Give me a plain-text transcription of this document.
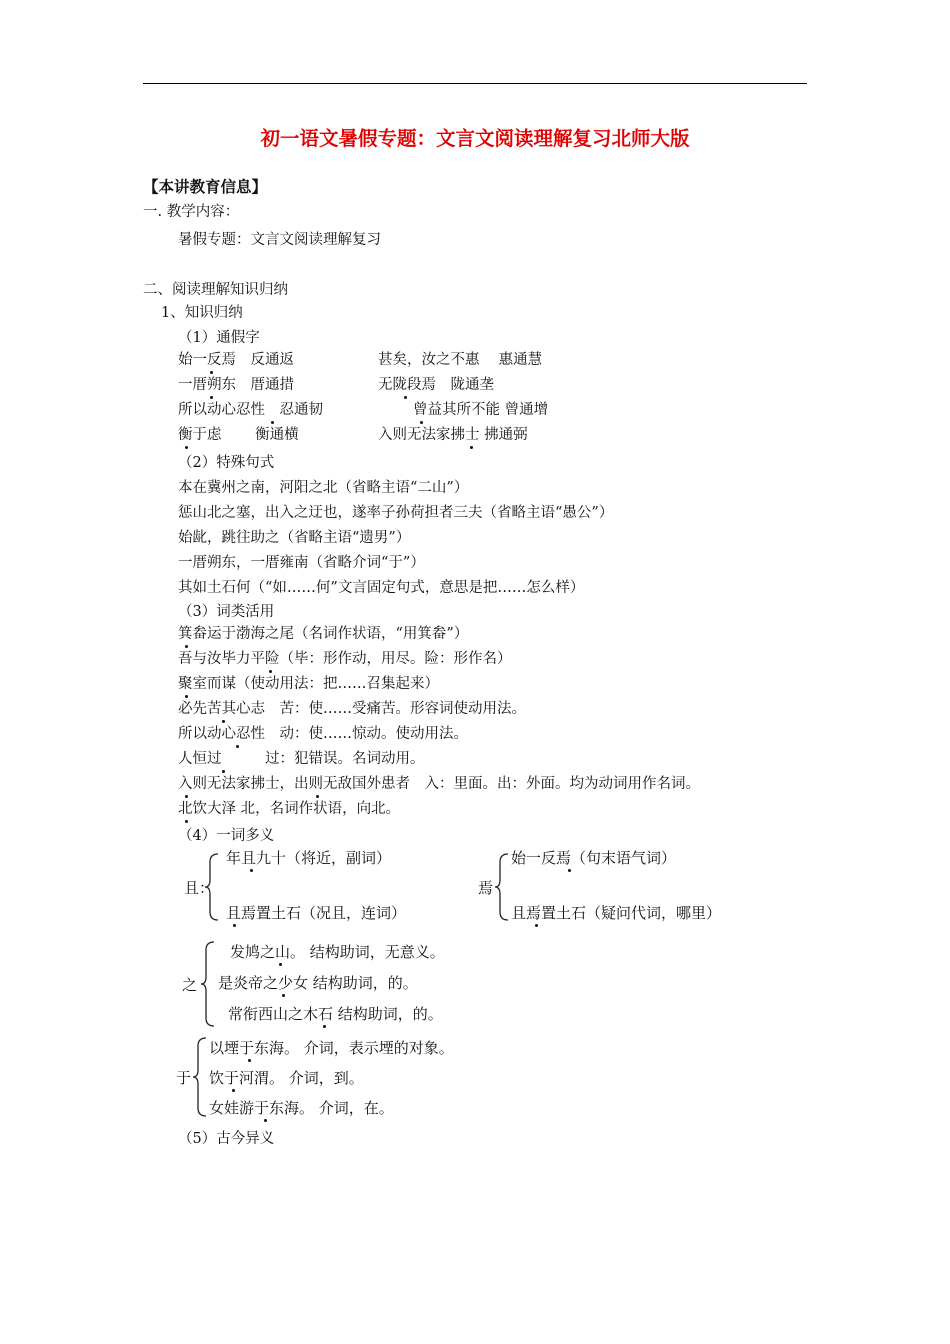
初一语文暑假专题：文言文阅读理解复习北师大版
【本讲教育信息】
一. 教学内容：
暑假专题：文言文阅读理解复习
二、阅读理解知识归纳
1、知识归纳
（1）通假字
始一反焉　反通返	甚矣，汝之不惠　 惠通慧
一厝朔东　厝通措	无陇段焉　陇通垄
所以动心忍性　忍通韧	曾益其所不能 曾通增
衡于虑　　 衡通横	入则无法家拂士 拂通弼
（2）特殊句式
本在冀州之南，河阳之北（省略主语“二山”）
惩山北之塞，出入之迂也，遂率子孙荷担者三夫（省略主语“愚公”）
始龀，跳往助之（省略主语“遗男”）
一厝朔东，一厝雍南（省略介词“于”）
其如土石何（“如……何”文言固定句式，意思是把……怎么样）
（3）词类活用
箕畚运于渤海之尾（名词作状语，“用箕畚”）
吾与汝毕力平险（毕：形作动，用尽。险：形作名）
聚室而谋（使动用法：把……召集起来）
必先苦其心志　苦：使……受痛苦。形容词使动用法。
所以动心忍性　动：使……惊动。使动用法。
人恒过　　　过：犯错误。名词动用。
入则无法家拂士，出则无敌国外患者　入：里面。出：外面。均为动词用作名词。
北饮大泽 北，名词作状语，向北。
（4）一词多义
且：
年且九十（将近，副词）
且焉置土石（况且，连词）
焉
始一反焉（句末语气词）
且焉置土石（疑问代词，哪里）
之
发鸠之山。 结构助词，无意义。
是炎帝之少女 结构助词，的。
常衔西山之木石 结构助词，的。
于
以堙于东海。 介词，表示堙的对象。
饮于河渭。 介词，到。
女娃游于东海。 介词，在。
（5）古今异义
